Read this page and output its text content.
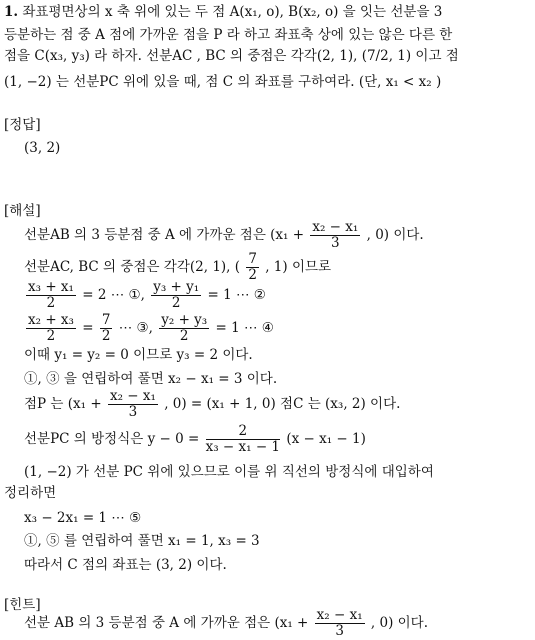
1. 좌표평면상의 x 축 위에 있는 두 점 A(x₁, o), B(x₂, o) 을 잇는 선분을 3
등분하는 점 중 A 점에 가까운 점을 P 라 하고 좌표축 상에 있는 않은 다른 한
점을 C(x₃, y₃) 라 하자. 선분AC , BC 의 중점은 각각(2, 1), (7/2, 1) 이고 점
(1, −2) 는 선분PC 위에 있을 때, 점 C 의 좌표를 구하여라. (단, x₁ < x₂ )
[정답]
(3, 2)
[해설]
선분AB 의 3 등분점 중 A 에 가까운 점은 ($x_1 + \frac{\text{x₂ − x₁}}{3}$ , 0) 이다.
선분AC, BC 의 중점은 각각(2, 1), ( $\frac{7}{2}$ , 1) 이므로
$\frac{\text{x₃ + x₁}}{2} = 2$ ⋯ ①, $\frac{\text{y₃ + y₁}}{2} = 1$ ⋯ ②
$\frac{\text{x₂ + x₃}}{2} = \frac{7}{2}$ ⋯ ③, $\frac{\text{y₂ + y₃}}{2} = 1$ ⋯ ④
이때 y₁ = y₂ = 0 이므로 y₃ = 2 이다.
①, ③ 을 연립하여 풀면 x₂ − x₁ = 3 이다.
점P 는 ($x_1 + \frac{\text{x₂ − x₁}}{3}$ , 0) = (x₁ + 1, 0) 점C 는 (x₃, 2) 이다.
선분PC 의 방정식은 $y - 0 = \frac{2}{\text{x₃ − x₁ − 1}} (x - x_1 - 1)$
(1, −2) 가 선분 PC 위에 있으므로 이를 위 직선의 방정식에 대입하여
정리하면
x₃ − 2x₁ = 1 ⋯ ⑤
①, ⑤ 를 연립하여 풀면 x₁ = 1, x₃ = 3
따라서 C 점의 좌표는 (3, 2) 이다.
[힌트]
선분 AB 의 3 등분점 중 A 에 가까운 점은 ($x_1 + \frac{\text{x₂ − x₁}}{3}$ , 0) 이다.
